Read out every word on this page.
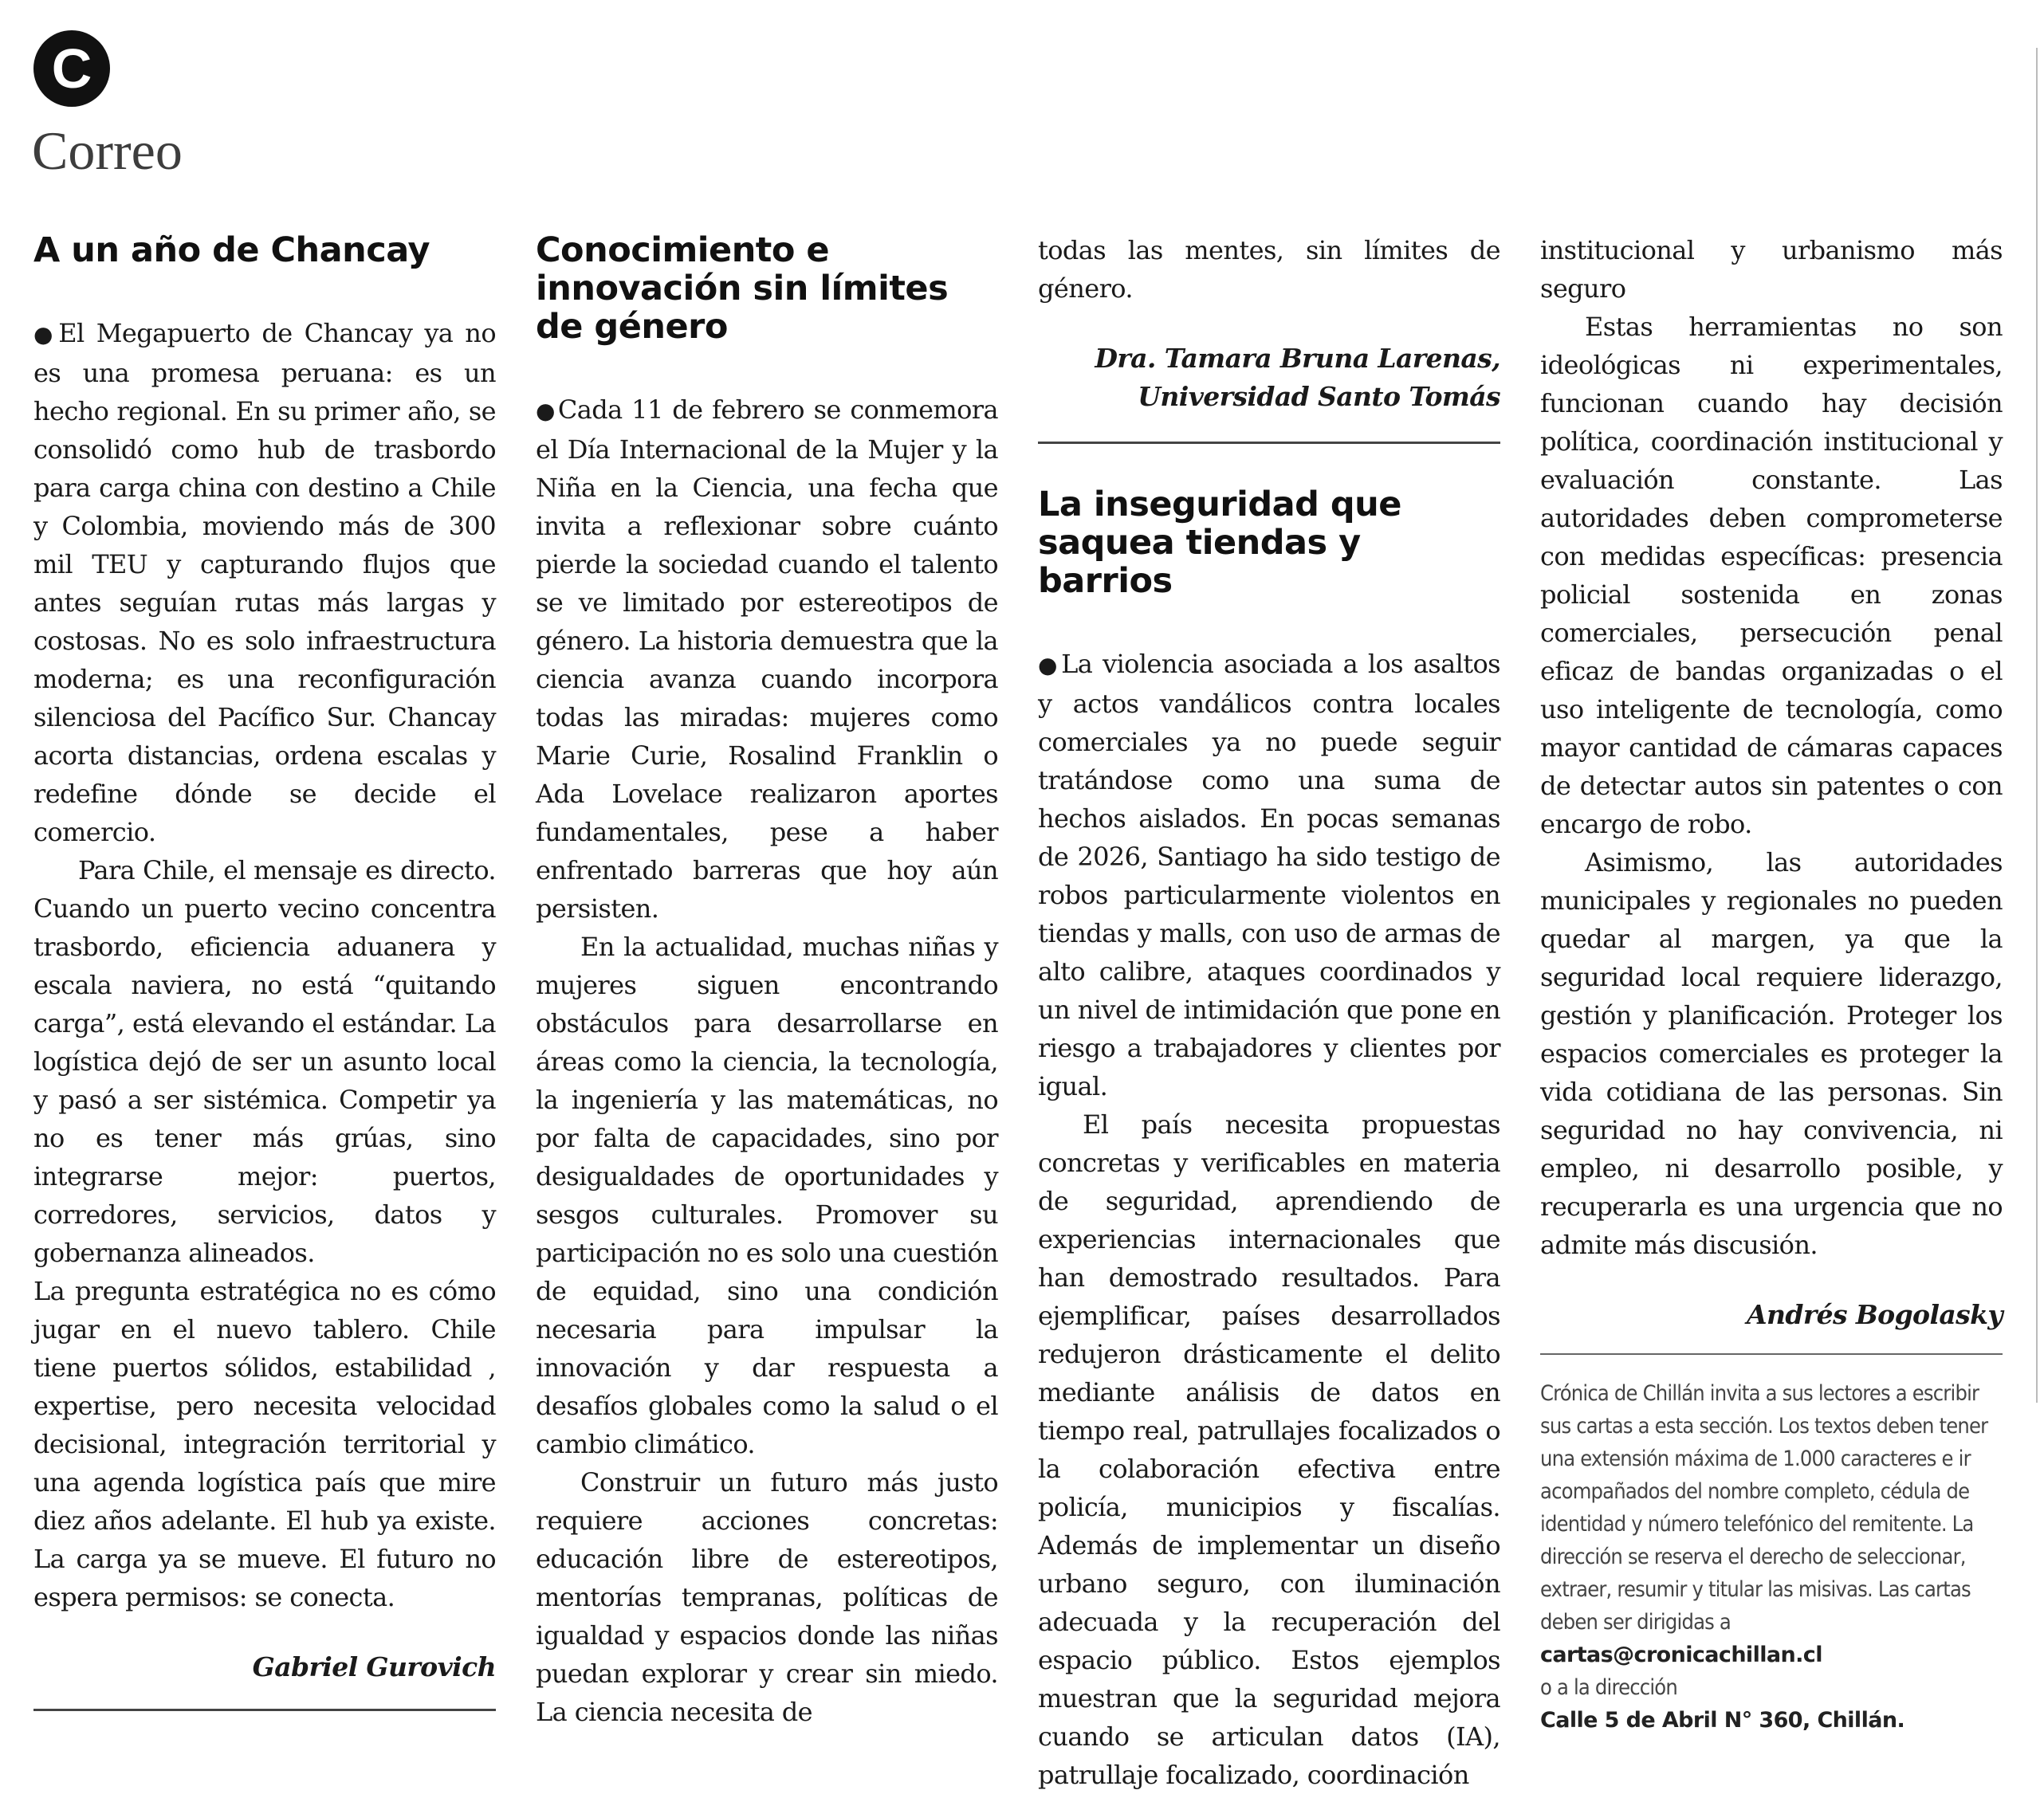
C
Correo
A un año de Chancay

●El Megapuerto de Chancay ya no es una promesa peruana: es un hecho regional. En su primer año, se consolidó como hub de trasbordo para carga china con destino a Chile y Colombia, moviendo más de 300 mil TEU y capturando flujos que antes seguían rutas más largas y costosas. No es solo infraestructura moderna; es una reconfiguración silenciosa del Pacífico Sur. Chancay acorta distancias, ordena escalas y redefine dónde se decide el comercio.

Para Chile, el mensaje es directo. Cuando un puerto vecino concentra trasbordo, eficiencia aduanera y escala naviera, no está “quitando carga”, está elevando el estándar. La logística dejó de ser un asunto local y pasó a ser sistémica. Competir ya no es tener más grúas, sino integrarse mejor: puertos, corredores, servicios, datos y gobernanza alineados.

La pregunta estratégica no es cómo jugar en el nuevo tablero. Chile tiene puertos sólidos, estabilidad , expertise, pero necesita velocidad decisional, integración territorial y una agenda logística país que mire diez años adelante. El hub ya existe. La carga ya se mueve. El futuro no espera permisos: se conecta.

Gabriel Gurovich

Conocimiento e innovación sin límites de género

●Cada 11 de febrero se conmemora el Día Internacional de la Mujer y la Niña en la Ciencia, una fecha que invita a reflexionar sobre cuánto pierde la sociedad cuando el talento se ve limitado por estereotipos de género. La historia demuestra que la ciencia avanza cuando incorpora todas las miradas: mujeres como Marie Curie, Rosalind Franklin o Ada Lovelace realizaron aportes fundamentales, pese a haber enfrentado barreras que hoy aún persisten.

En la actualidad, muchas niñas y mujeres siguen encontrando obstáculos para desarrollarse en áreas como la ciencia, la tecnología, la ingeniería y las matemáticas, no por falta de capacidades, sino por desigualdades de oportunidades y sesgos culturales. Promover su participación no es solo una cuestión de equidad, sino una condición necesaria para impulsar la innovación y dar respuesta a desafíos globales como la salud o el cambio climático.

Construir un futuro más justo requiere acciones concretas: educación libre de estereotipos, mentorías tempranas, políticas de igualdad y espacios donde las niñas puedan explorar y crear sin miedo. La ciencia necesita de

todas las mentes, sin límites de género.

Dra. Tamara Bruna Larenas,

Universidad Santo Tomás

La inseguridad que saquea tiendas y barrios

●La violencia asociada a los asaltos y actos vandálicos contra locales comerciales ya no puede seguir tratándose como una suma de hechos aislados. En pocas semanas de 2026, Santiago ha sido testigo de robos particularmente violentos en tiendas y malls, con uso de armas de alto calibre, ataques coordinados y un nivel de intimidación que pone en riesgo a trabajadores y clientes por igual.

El país necesita propuestas concretas y verificables en materia de seguridad, aprendiendo de experiencias internacionales que han demostrado resultados. Para ejemplificar, países desarrollados redujeron drásticamente el delito mediante análisis de datos en tiempo real, patrullajes focalizados o la colaboración efectiva entre policía, municipios y fiscalías. Además de implementar un diseño urbano seguro, con iluminación adecuada y la recuperación del espacio público. Estos ejemplos muestran que la seguridad mejora cuando se articulan datos (IA), patrullaje focalizado, coordinación

institucional y urbanismo más seguro

Estas herramientas no son ideológicas ni experimentales, funcionan cuando hay decisión política, coordinación institucional y evaluación constante. Las autoridades deben comprometerse con medidas específicas: presencia policial sostenida en zonas comerciales, persecución penal eficaz de bandas organizadas o el uso inteligente de tecnología, como mayor cantidad de cámaras capaces de detectar autos sin patentes o con encargo de robo.

Asimismo, las autoridades municipales y regionales no pueden quedar al margen, ya que la seguridad local requiere liderazgo, gestión y planificación. Proteger los espacios comerciales es proteger la vida cotidiana de las personas. Sin seguridad no hay convivencia, ni empleo, ni desarrollo posible, y recuperarla es una urgencia que no admite más discusión.

Andrés Bogolasky

Crónica de Chillán invita a sus lectores a escribir sus cartas a esta sección. Los textos deben tener una extensión máxima de 1.000 caracteres e ir acompañados del nombre completo, cédula de identidad y número telefónico del remitente. La dirección se reserva el derecho de seleccionar, extraer, resumir y titular las misivas. Las cartas deben ser dirigidas a

cartas@cronicachillan.cl

o a la dirección

Calle 5 de Abril N° 360, Chillán.
